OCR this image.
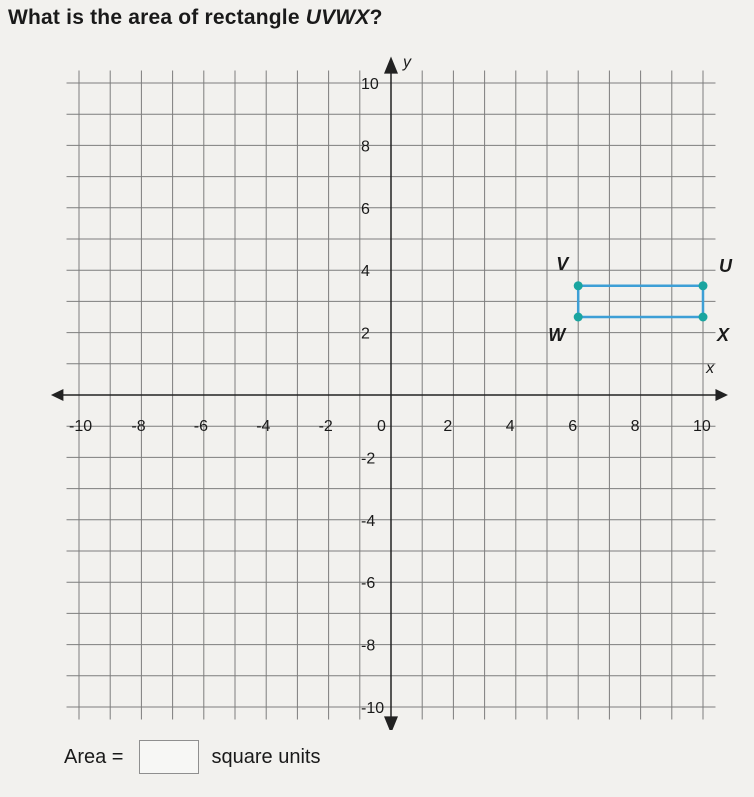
What is the area of rectangle UVWX?
-10 -8	-6	-4	-2	0	2	4	6	8	10
10
8
6
4
2
-2
-4
-6
-8
-10
x
y
U
V
W	X
Area =	square units
